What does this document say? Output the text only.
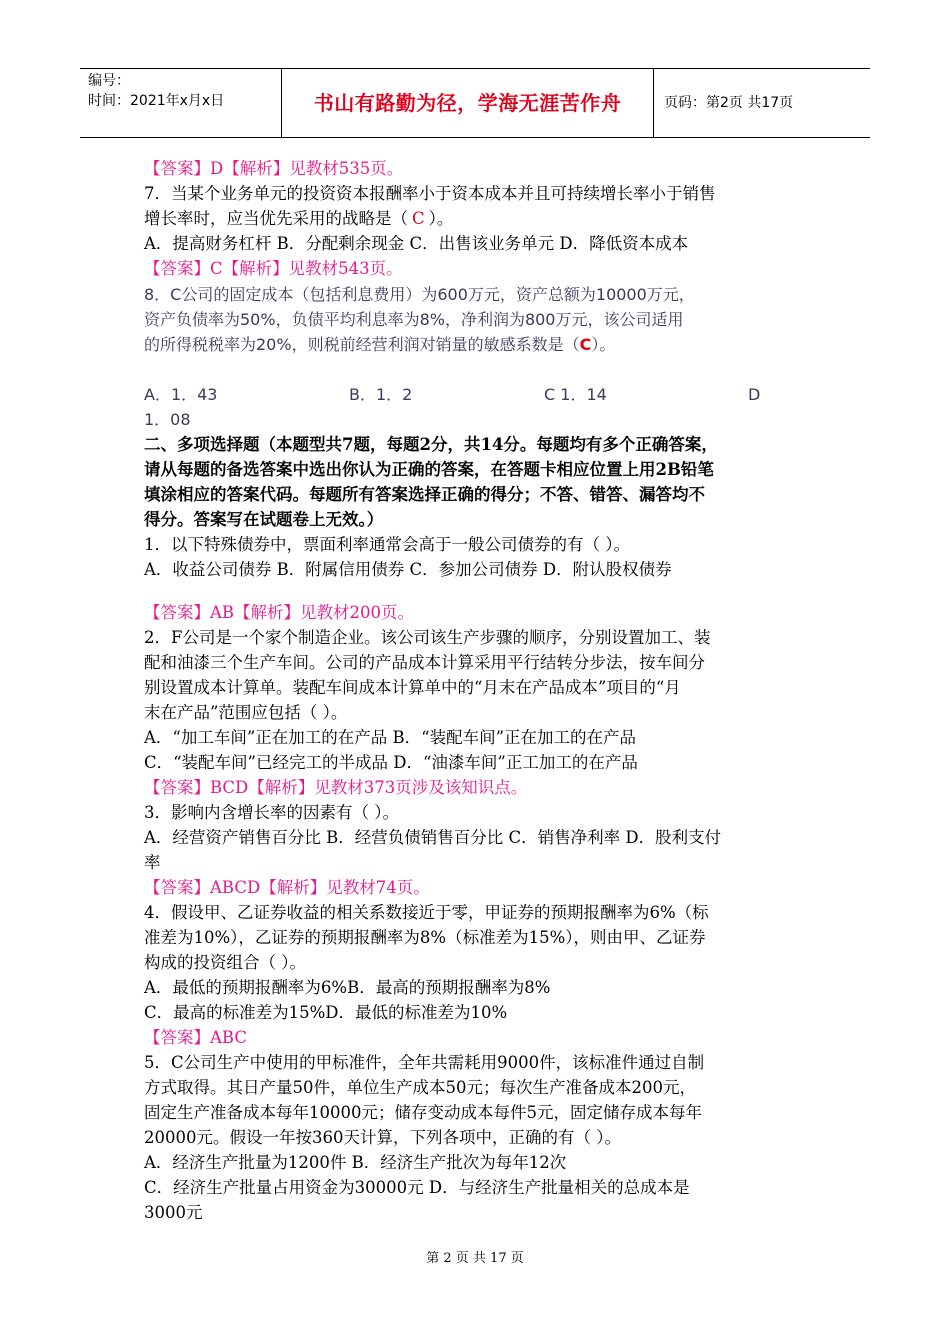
编号：
时间：2021年x月x日	书山有路勤为径，学海无涯苦作舟	页码：第2页 共17页
【答案】D【解析】见教材535页。
7．当某个业务单元的投资资本报酬率小于资本成本并且可持续增长率小于销售
增长率时，应当优先采用的战略是（ C ）。
A．提高财务杠杆 B．分配剩余现金 C．出售该业务单元 D．降低资本成本
【答案】C【解析】见教材543页。
8．C公司的固定成本（包括利息费用）为600万元，资产总额为10000万元，
资产负债率为50%，负债平均利息率为8%，净利润为800万元，该公司适用
的所得税税率为20%，则税前经营利润对销量的敏感系数是（C）。
A．1．43	B．1．2	C 1．14	D
1．08
二、多项选择题（本题型共7题，每题2分，共14分。每题均有多个正确答案，
请从每题的备选答案中选出你认为正确的答案，在答题卡相应位置上用2B铅笔
填涂相应的答案代码。每题所有答案选择正确的得分；不答、错答、漏答均不
得分。答案写在试题卷上无效。）
1．以下特殊债券中，票面利率通常会高于一般公司债券的有（ ）。
A．收益公司债券 B．附属信用债券 C．参加公司债券 D．附认股权债券
【答案】AB【解析】见教材200页。
2．F公司是一个家个制造企业。该公司该生产步骤的顺序，分别设置加工、装
配和油漆三个生产车间。公司的产品成本计算采用平行结转分步法，按车间分
别设置成本计算单。装配车间成本计算单中的“月末在产品成本”项目的“月
末在产品”范围应包括（ ）。
A．“加工车间”正在加工的在产品 B．“装配车间”正在加工的在产品
C．“装配车间”已经完工的半成品 D．“油漆车间”正工加工的在产品
【答案】BCD【解析】见教材373页涉及该知识点。
3．影响内含增长率的因素有（ ）。
A．经营资产销售百分比 B．经营负债销售百分比 C．销售净利率 D．股利支付
率
【答案】ABCD【解析】见教材74页。
4．假设甲、乙证券收益的相关系数接近于零，甲证券的预期报酬率为6%（标
准差为10%），乙证券的预期报酬率为8%（标准差为15%），则由甲、乙证券
构成的投资组合（ ）。
A．最低的预期报酬率为6%B．最高的预期报酬率为8%
C．最高的标准差为15%D．最低的标准差为10%
【答案】ABC
5．C公司生产中使用的甲标准件，全年共需耗用9000件，该标准件通过自制
方式取得。其日产量50件，单位生产成本50元；每次生产准备成本200元，
固定生产准备成本每年10000元；储存变动成本每件5元，固定储存成本每年
20000元。假设一年按360天计算，下列各项中，正确的有（ ）。
A．经济生产批量为1200件 B．经济生产批次为每年12次
C．经济生产批量占用资金为30000元 D．与经济生产批量相关的总成本是
3000元
第 2 页 共 17 页
